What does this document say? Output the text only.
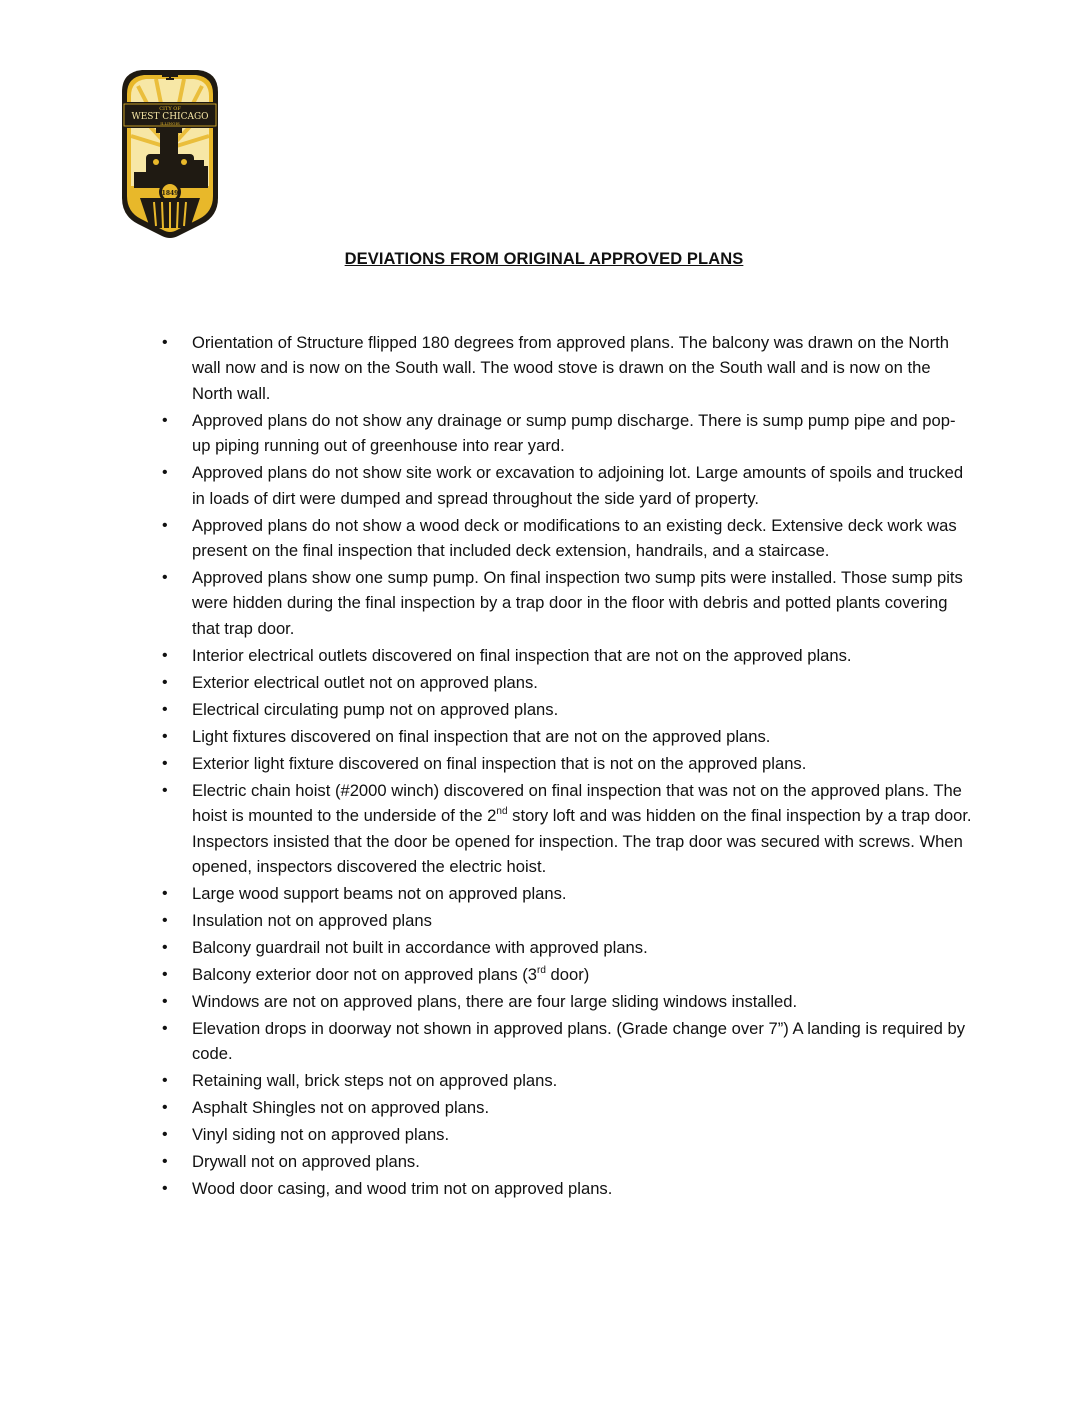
CITY OF
WEST CHICAGO
ILLINOIS
1849
DEVIATIONS FROM ORIGINAL APPROVED PLANS
• Orientation of Structure flipped 180 degrees from approved plans. The balcony was drawn on the North wall now and is now on the South wall. The wood stove is drawn on the South wall and is now on the North wall.
• Approved plans do not show any drainage or sump pump discharge. There is sump pump pipe and pop-up piping running out of greenhouse into rear yard.
• Approved plans do not show site work or excavation to adjoining lot. Large amounts of spoils and trucked in loads of dirt were dumped and spread throughout the side yard of property.
• Approved plans do not show a wood deck or modifications to an existing deck. Extensive deck work was present on the final inspection that included deck extension, handrails, and a staircase.
• Approved plans show one sump pump. On final inspection two sump pits were installed. Those sump pits were hidden during the final inspection by a trap door in the floor with debris and potted plants covering that trap door.
• Interior electrical outlets discovered on final inspection that are not on the approved plans.
• Exterior electrical outlet not on approved plans.
• Electrical circulating pump not on approved plans.
• Light fixtures discovered on final inspection that are not on the approved plans.
• Exterior light fixture discovered on final inspection that is not on the approved plans.
• Electric chain hoist (#2000 winch) discovered on final inspection that was not on the approved plans. The hoist is mounted to the underside of the 2nd story loft and was hidden on the final inspection by a trap door. Inspectors insisted that the door be opened for inspection. The trap door was secured with screws. When opened, inspectors discovered the electric hoist.
• Large wood support beams not on approved plans.
• Insulation not on approved plans
• Balcony guardrail not built in accordance with approved plans.
• Balcony exterior door not on approved plans (3rd door)
• Windows are not on approved plans, there are four large sliding windows installed.
• Elevation drops in doorway not shown in approved plans. (Grade change over 7”) A landing is required by code.
• Retaining wall, brick steps not on approved plans.
• Asphalt Shingles not on approved plans.
• Vinyl siding not on approved plans.
• Drywall not on approved plans.
• Wood door casing, and wood trim not on approved plans.
